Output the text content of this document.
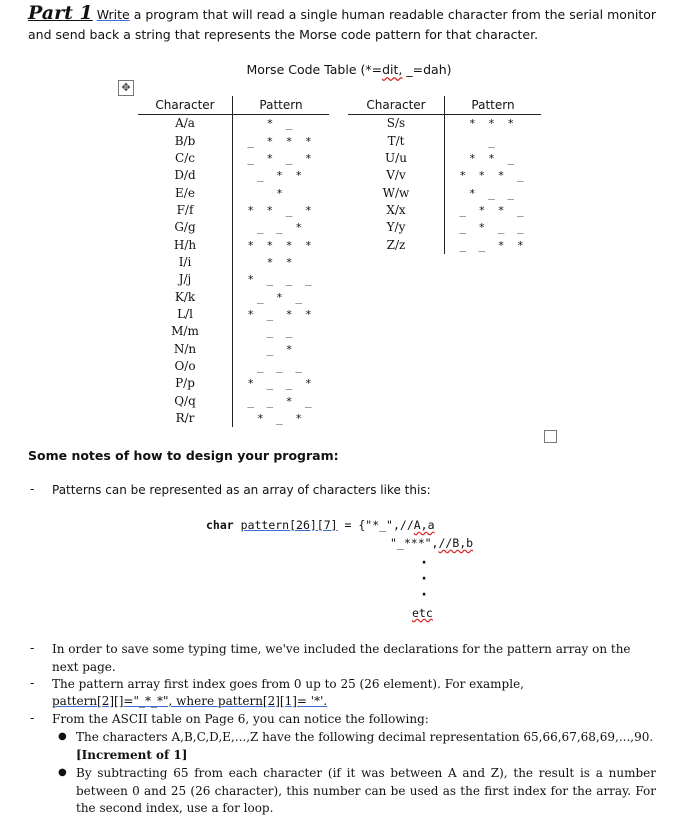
Part 1 Write a program that will read a single human readable character from the serial monitor
and send back a string that represents the Morse code pattern for that character.
Morse Code Table (*=dit, _=dah)
✥
Character	Pattern
A/a	* _
B/b	_ * * *
C/c	_ * _ *
D/d	_ * *
E/e	*
F/f	* * _ *
G/g	_ _ *
H/h	* * * *
I/i	* *
J/j	* _ _ _
K/k	_ * _
L/l	* _ * *
M/m	_ _
N/n	_ *
O/o	_ _ _
P/p	* _ _ *
Q/q	_ _ * _
R/r	* _ *
Character	Pattern
S/s	* * *
T/t	_
U/u	* * _
V/v	* * * _
W/w	* _ _
X/x	_ * * _
Y/y	_ * _ _
Z/z	_ _ * *
Some notes of how to design your program:
- Patterns can be represented as an array of characters like this:
char pattern[26][7] = {"*_",//A,a
"_***",//B,b
·
·
·
etc
- In order to save some typing time, we've included the declarations for the pattern array on the next page.
- The pattern array first index goes from 0 up to 25 (26 element). For example,
pattern[2][]="_*_*", where pattern[2][1]= '*'.
- From the ASCII table on Page 6, you can notice the following:
● The characters A,B,C,D,E,...,Z have the following decimal representation 65,66,67,68,69,...,90.
[Increment of 1]
● By subtracting 65 from each character (if it was between A and Z), the result is a number between 0 and 25 (26 character), this number can be used as the first index for the array. For the second index, use a for loop.
